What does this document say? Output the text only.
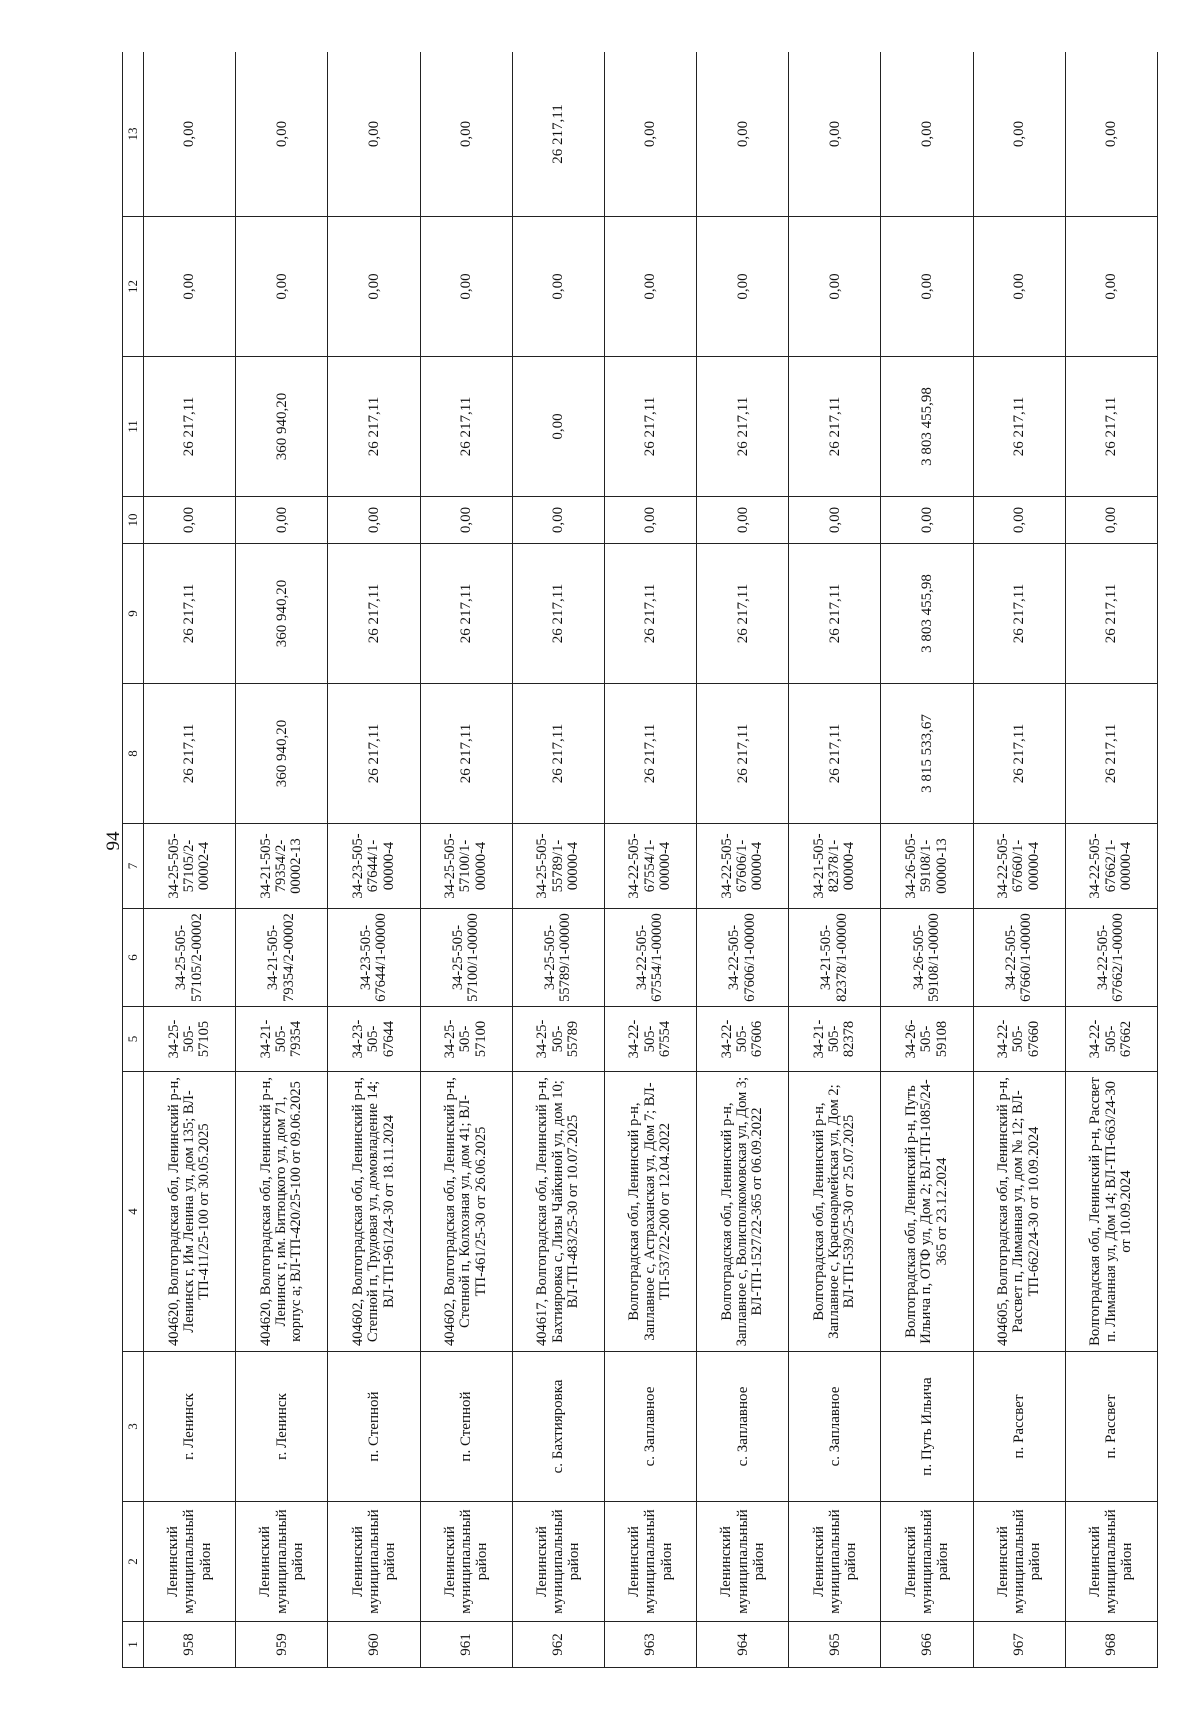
94
1	2	3	4	5	6	7	8	9	10	11	12	13
958	Ленинский муниципальный район	г. Ленинск	404620, Волгоградская обл, Ленинский р-н, Ленинск г, Им Ленина ул, дом 135; ВЛ-ТП-411/25-100 от 30.05.2025	34-25-505-57105	34-25-505-57105/2-00002	34-25-505-57105/2-00002-4	26 217,11	26 217,11	0,00	26 217,11	0,00	0,00
959	Ленинский муниципальный район	г. Ленинск	404620, Волгоградская обл, Ленинский р-н, Ленинск г, им. Битюцкого ул, дом 71, корпус а; ВЛ-ТП-420/25-100 от 09.06.2025	34-21-505-79354	34-21-505-79354/2-00002	34-21-505-79354/2-00002-13	360 940,20	360 940,20	0,00	360 940,20	0,00	0,00
960	Ленинский муниципальный район	п. Степной	404602, Волгоградская обл, Ленинский р-н, Степной п, Трудовая ул, домовладение 14; ВЛ-ТП-961/24-30 от 18.11.2024	34-23-505-67644	34-23-505-67644/1-00000	34-23-505-67644/1-00000-4	26 217,11	26 217,11	0,00	26 217,11	0,00	0,00
961	Ленинский муниципальный район	п. Степной	404602, Волгоградская обл, Ленинский р-н, Степной п, Колхозная ул, дом 41; ВЛ-ТП-461/25-30 от 26.06.2025	34-25-505-57100	34-25-505-57100/1-00000	34-25-505-57100/1-00000-4	26 217,11	26 217,11	0,00	26 217,11	0,00	0,00
962	Ленинский муниципальный район	с. Бахтияровка	404617, Волгоградская обл, Ленинский р-н, Бахтияровка с, Лизы Чайкиной ул, дом 10; ВЛ-ТП-483/25-30 от 10.07.2025	34-25-505-55789	34-25-505-55789/1-00000	34-25-505-55789/1-00000-4	26 217,11	26 217,11	0,00	0,00	0,00	26 217,11
963	Ленинский муниципальный район	с. Заплавное	Волгоградская обл, Ленинский р-н, Заплавное с, Астраханская ул, Дом 7; ВЛ-ТП-537/22-200 от 12.04.2022	34-22-505-67554	34-22-505-67554/1-00000	34-22-505-67554/1-00000-4	26 217,11	26 217,11	0,00	26 217,11	0,00	0,00
964	Ленинский муниципальный район	с. Заплавное	Волгоградская обл, Ленинский р-н, Заплавное с, Волисполкомовская ул, Дом 3; ВЛ-ТП-1527/22-365 от 06.09.2022	34-22-505-67606	34-22-505-67606/1-00000	34-22-505-67606/1-00000-4	26 217,11	26 217,11	0,00	26 217,11	0,00	0,00
965	Ленинский муниципальный район	с. Заплавное	Волгоградская обл, Ленинский р-н, Заплавное с, Красноармейская ул, Дом 2; ВЛ-ТП-539/25-30 от 25.07.2025	34-21-505-82378	34-21-505-82378/1-00000	34-21-505-82378/1-00000-4	26 217,11	26 217,11	0,00	26 217,11	0,00	0,00
966	Ленинский муниципальный район	п. Путь Ильича	Волгоградская обл, Ленинский р-н, Путь Ильича п, ОТФ ул, Дом 2; ВЛ-ТП-1085/24-365 от 23.12.2024	34-26-505-59108	34-26-505-59108/1-00000	34-26-505-59108/1-00000-13	3 815 533,67	3 803 455,98	0,00	3 803 455,98	0,00	0,00
967	Ленинский муниципальный район	п. Рассвет	404605, Волгоградская обл, Ленинский р-н, Рассвет п, Лиманная ул, дом № 12; ВЛ-ТП-662/24-30 от 10.09.2024	34-22-505-67660	34-22-505-67660/1-00000	34-22-505-67660/1-00000-4	26 217,11	26 217,11	0,00	26 217,11	0,00	0,00
968	Ленинский муниципальный район	п. Рассвет	Волгоградская обл, Ленинский р-н, Рассвет п. Лиманная ул, Дом 14; ВЛ-ТП-663/24-30 от 10.09.2024	34-22-505-67662	34-22-505-67662/1-00000	34-22-505-67662/1-00000-4	26 217,11	26 217,11	0,00	26 217,11	0,00	0,00
